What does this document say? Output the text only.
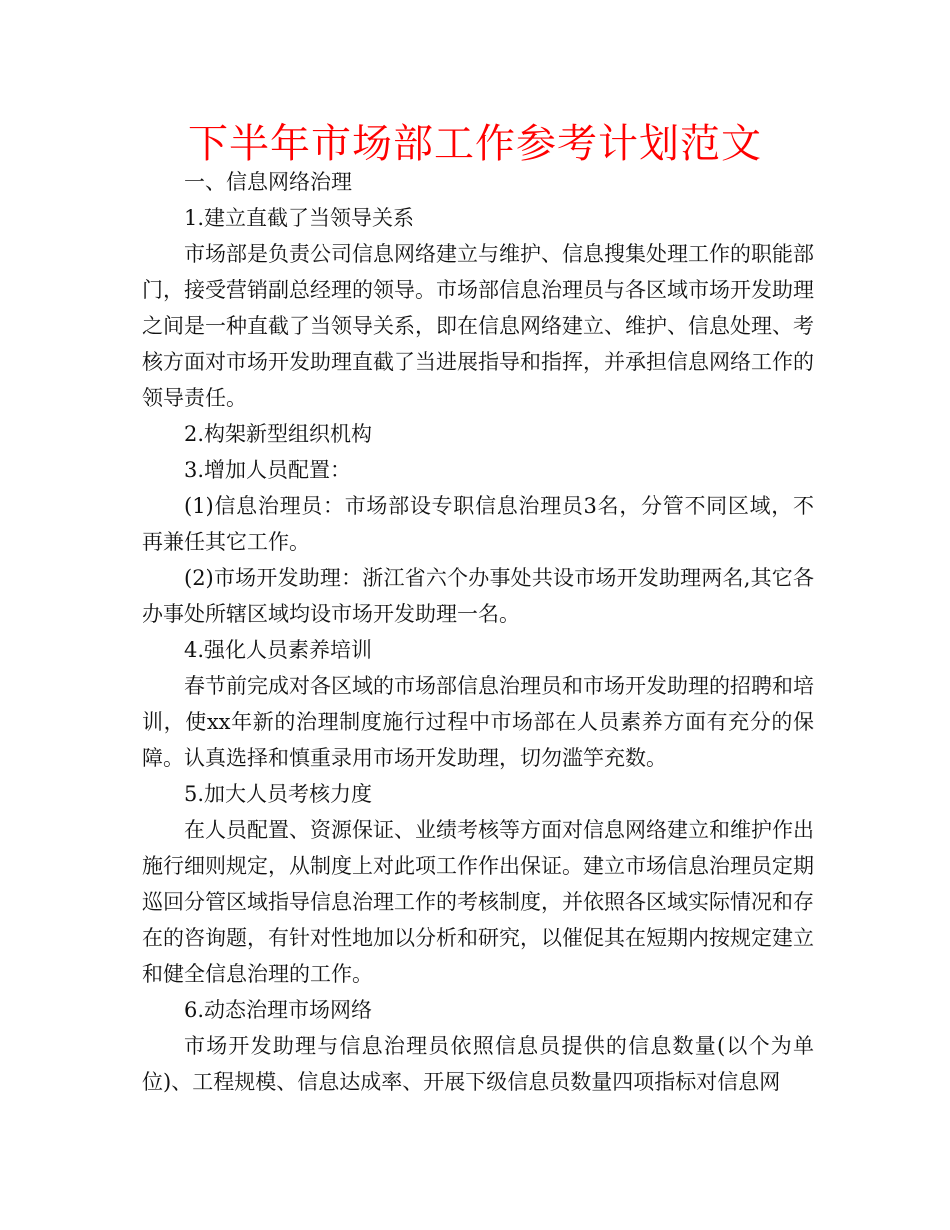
下半年市场部工作参考计划范文

一、信息网络治理

1.建立直截了当领导关系

市场部是负责公司信息网络建立与维护、信息搜集处理工作的职能部门，接受营销副总经理的领导。市场部信息治理员与各区域市场开发助理之间是一种直截了当领导关系，即在信息网络建立、维护、信息处理、考核方面对市场开发助理直截了当进展指导和指挥，并承担信息网络工作的领导责任。

2.构架新型组织机构

3.增加人员配置：

(1)信息治理员：市场部设专职信息治理员3名，分管不同区域，不再兼任其它工作。

(2)市场开发助理：浙江省六个办事处共设市场开发助理两名,其它各办事处所辖区域均设市场开发助理一名。

4.强化人员素养培训

春节前完成对各区域的市场部信息治理员和市场开发助理的招聘和培训，使xx年新的治理制度施行过程中市场部在人员素养方面有充分的保障。认真选择和慎重录用市场开发助理，切勿滥竽充数。

5.加大人员考核力度

在人员配置、资源保证、业绩考核等方面对信息网络建立和维护作出施行细则规定，从制度上对此项工作作出保证。建立市场信息治理员定期巡回分管区域指导信息治理工作的考核制度，并依照各区域实际情况和存在的咨询题，有针对性地加以分析和研究，以催促其在短期内按规定建立和健全信息治理的工作。

6.动态治理市场网络

市场开发助理与信息治理员依照信息员提供的信息数量(以个为单位)、工程规模、信息达成率、开展下级信息员数量四项指标对信息网
